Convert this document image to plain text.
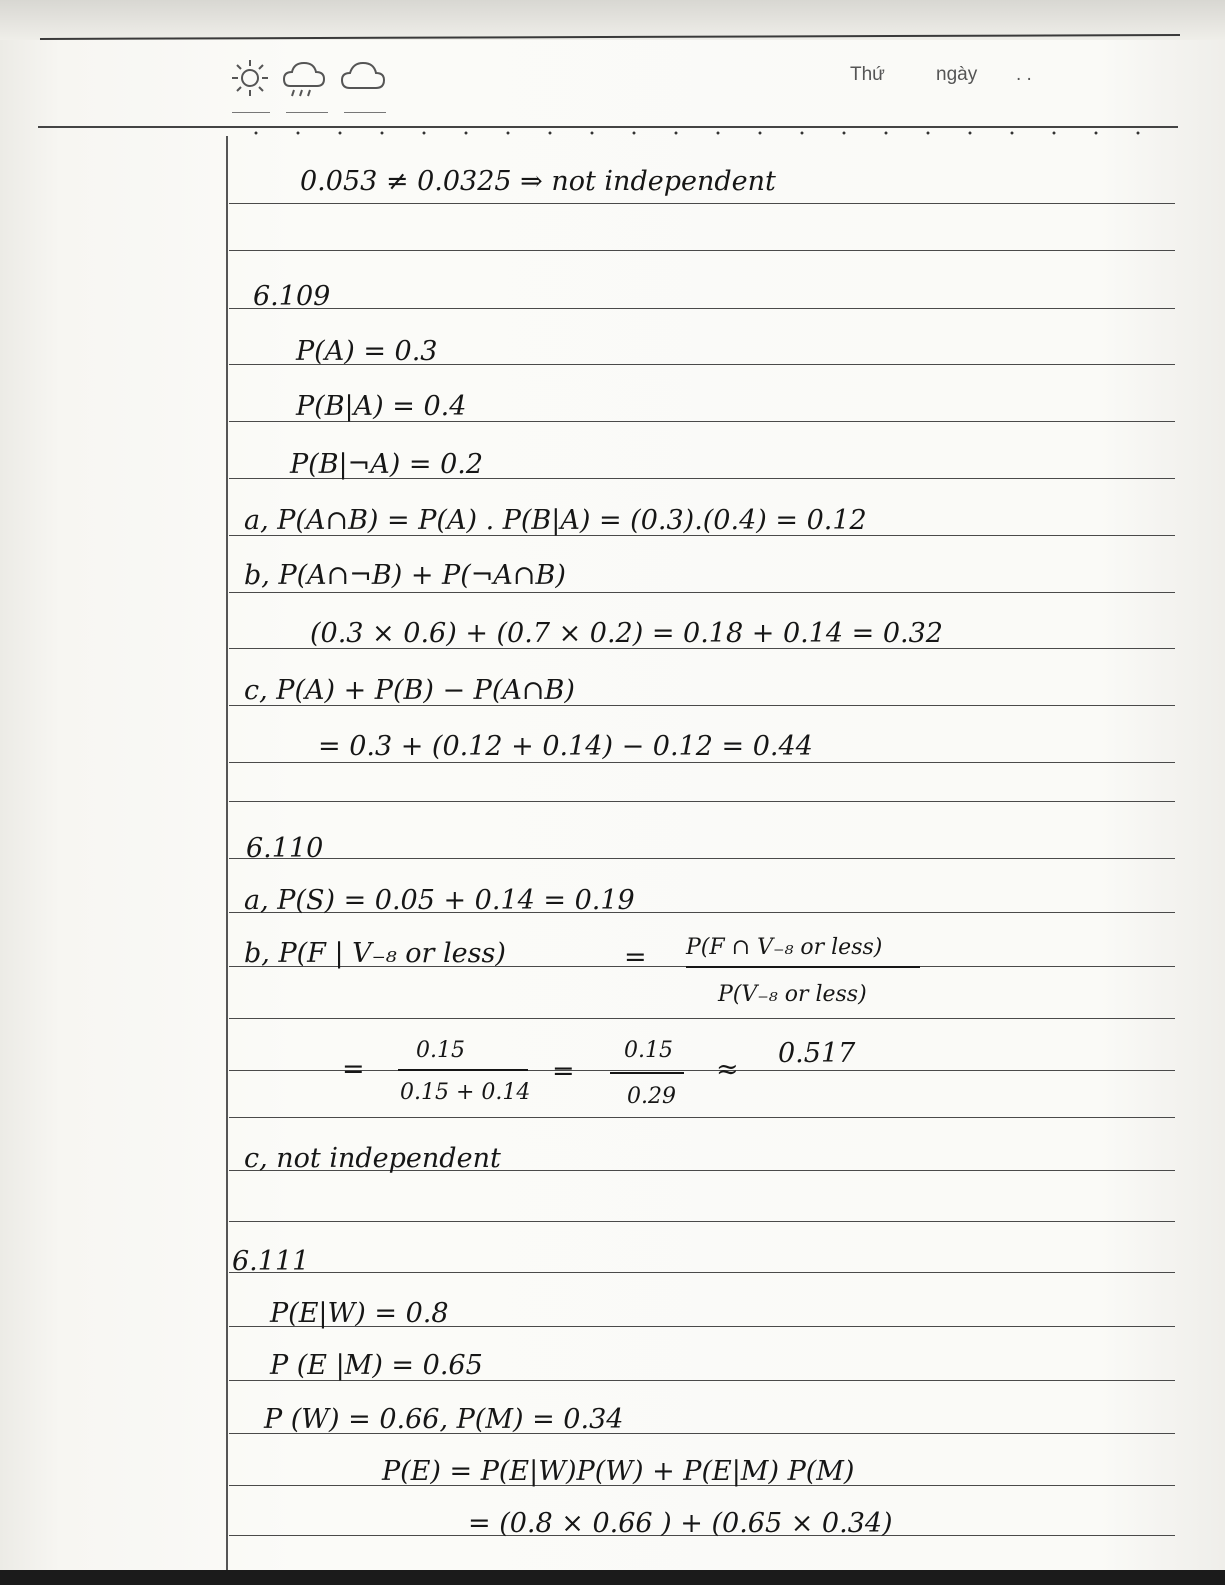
Thứ	ngày . .
0.053 ≠ 0.0325 ⇒ not independent
6.109
P(A) = 0.3
P(B|A) = 0.4
P(B|¬A) = 0.2
a, P(A∩B) = P(A) . P(B|A) = (0.3).(0.4) = 0.12
b, P(A∩¬B) + P(¬A∩B)
(0.3 × 0.6) + (0.7 × 0.2) = 0.18 + 0.14 = 0.32
c, P(A) + P(B) − P(A∩B)
= 0.3 + (0.12 + 0.14) − 0.12 = 0.44
6.110
a, P(S) = 0.05 + 0.14 = 0.19
b, P(F | V₋₈ or less)	= P(F ∩ V₋₈ or less)
P(V₋₈ or less)
=
0.15
0.15 + 0.14
=
0.15
0.29
≈
0.517
c, not independent
6.111
P(E|W) = 0.8
P (E |M) = 0.65
P (W) = 0.66, P(M) = 0.34
P(E) = P(E|W)P(W) + P(E|M) P(M)
= (0.8 × 0.66 ) + (0.65 × 0.34)
